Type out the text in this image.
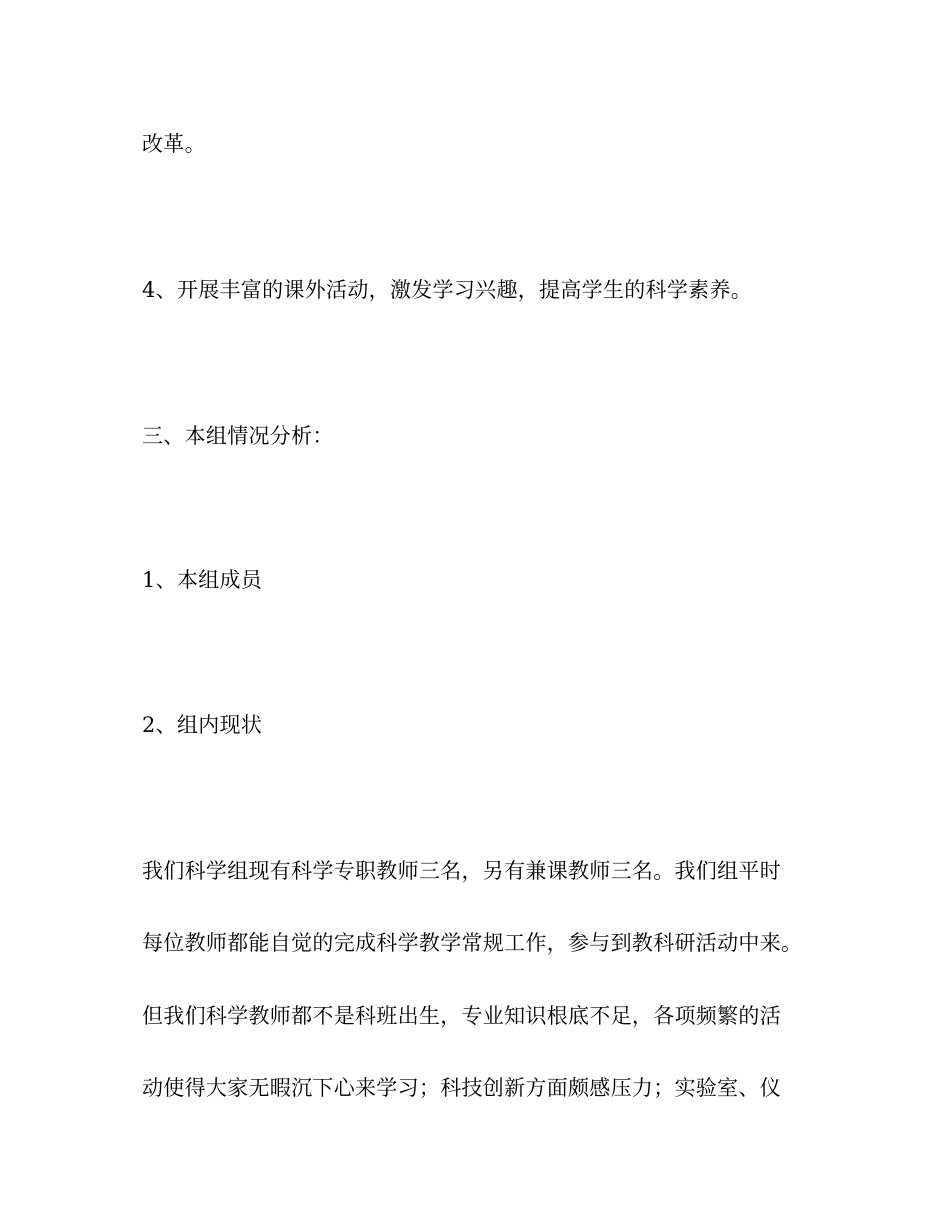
改革。
4、开展丰富的课外活动，激发学习兴趣，提高学生的科学素养。
三、本组情况分析：
1、本组成员
2、组内现状
我们科学组现有科学专职教师三名，另有兼课教师三名。我们组平时
每位教师都能自觉的完成科学教学常规工作，参与到教科研活动中来。
但我们科学教师都不是科班出生，专业知识根底不足，各项频繁的活
动使得大家无暇沉下心来学习；科技创新方面颇感压力；实验室、仪
